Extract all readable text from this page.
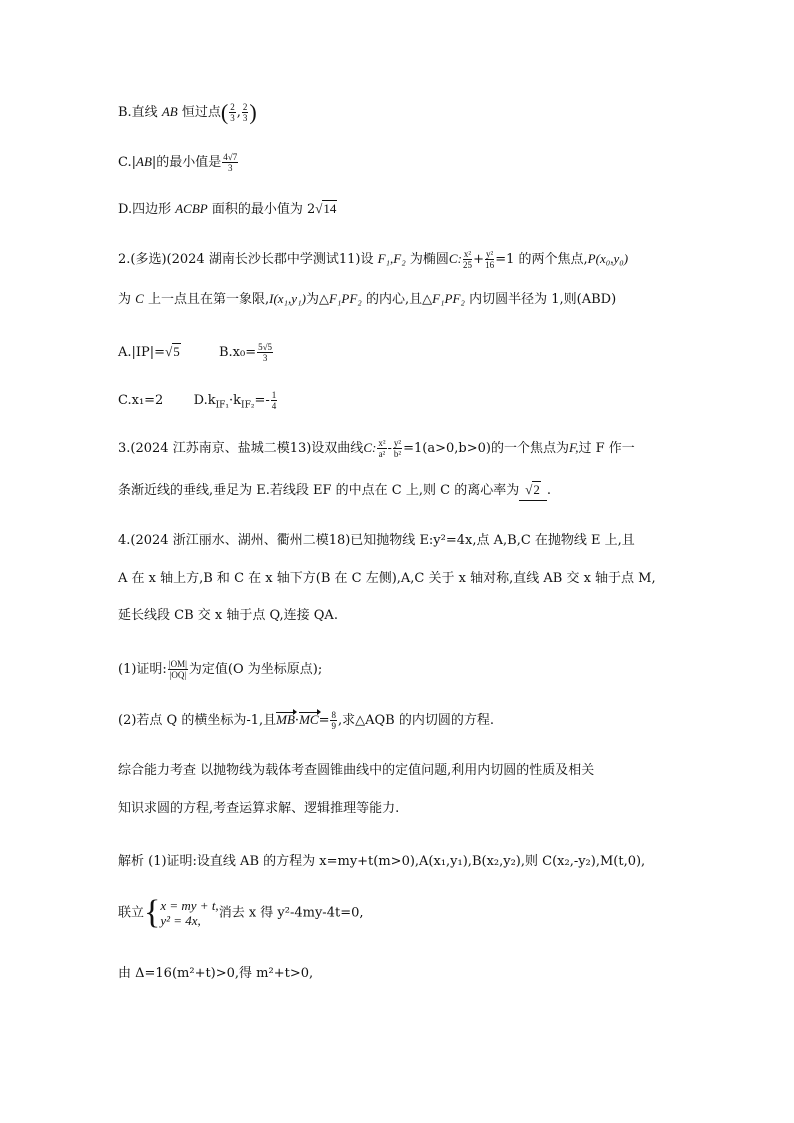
B.直线 AB 恒过点( $\frac{2}{3}$ , $\frac{2}{3}$ )
C.|AB|的最小值是 $\frac{4√7}{3}$
D.四边形 ACBP 面积的最小值为 2√14
2.(多选)(2024 湖南长沙长郡中学测试11)设 F₁,F₂ 为椭圆C: $\frac{\text{x²}}{25} + \frac{\text{y²}}{16} =1$ 的两个焦点,P(x₀,y₀)
为 C 上一点且在第一象限,I(x₁,y₁)为△F₁PF₂ 的内心,且△F₁PF₂ 内切圆半径为 1,则(ABD)
A.|IP|=√5	$B.x_0= \frac{5√5}{3}$
C.x₁=2 $D.k_{IF_1}\cdot k_{IF_2}=- \frac{1}{4}$
3.(2024 江苏南京、盐城二模13)设双曲线C: $\frac{\text{x²}}{\text{a²}} - \frac{\text{y²}}{\text{b²}} =1(a>0,b>0)$的一个焦点为F,过 F 作一
条渐近线的垂线,垂足为 E.若线段 EF 的中点在 C 上,则 C 的离心率为 √2 .
4.(2024 浙江丽水、湖州、衢州二模18)已知抛物线 E:y²=4x,点 A,B,C 在抛物线 E 上,且
A 在 x 轴上方,B 和 C 在 x 轴下方(B 在 C 左侧),A,C 关于 x 轴对称,直线 AB 交 x 轴于点 M,
延长线段 CB 交 x 轴于点 Q,连接 QA.
(1)证明: $\frac{|OM|}{|OQ|}$ 为定值(O 为坐标原点);
(2)若点 Q 的横坐标为-1,且$MB\cdot MC= \frac{8}{9}$ ,求△AQB 的内切圆的方程.
综合能力考查 以抛物线为载体考查圆锥曲线中的定值问题,利用内切圆的性质及相关
知识求圆的方程,考查运算求解、逻辑推理等能力.
解析 (1)证明:设直线 AB 的方程为 x=my+t(m>0),A(x₁,y₁),B(x₂,y₂),则 C(x₂,-y₂),M(t,0),
联立 { x = my + t,
y² = 4x,	消去 x 得 y²-4my-4t=0,
由 Δ=16(m²+t)>0,得 m²+t>0,
